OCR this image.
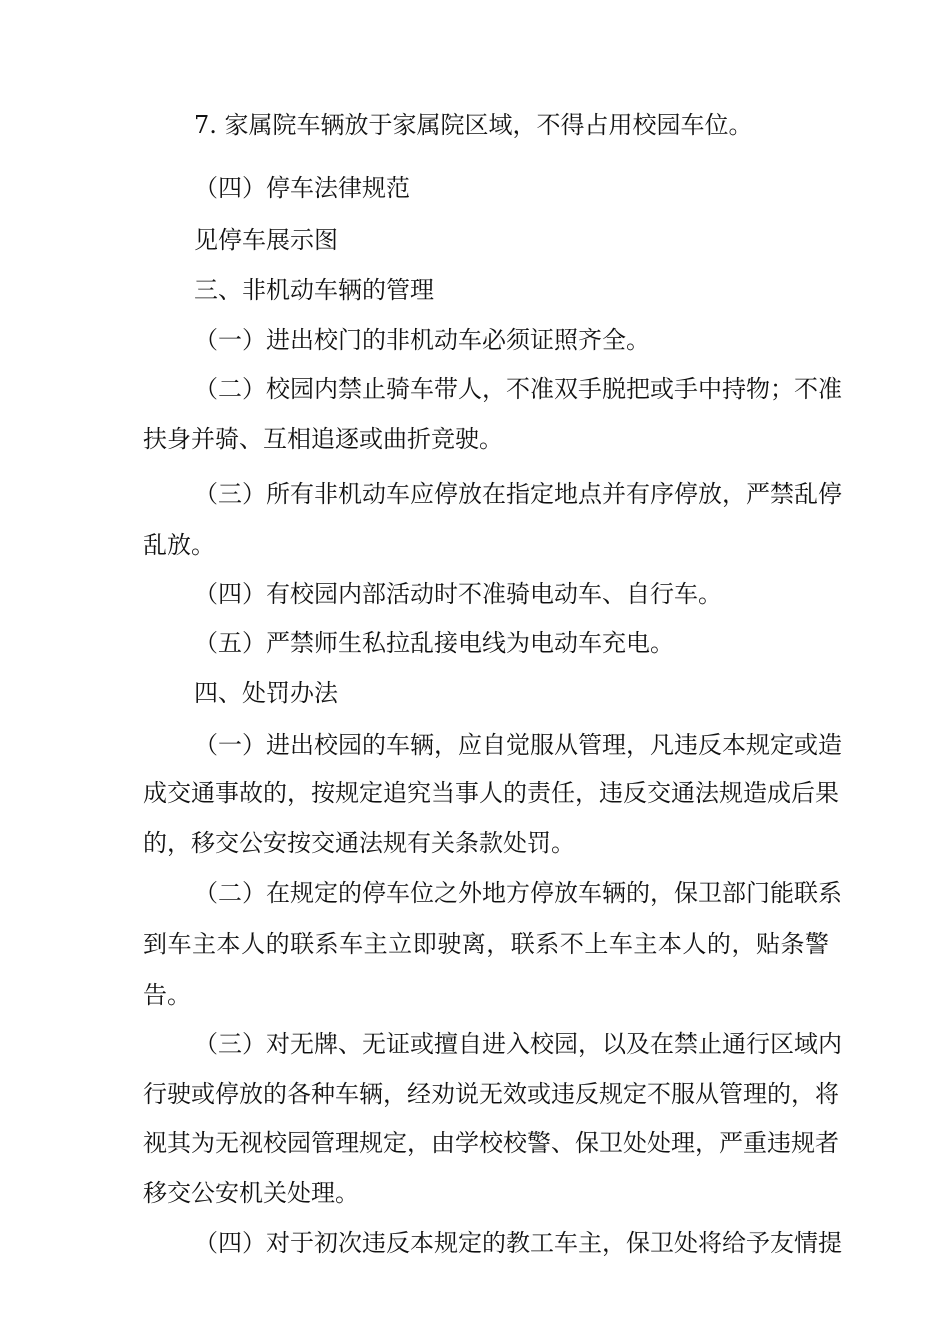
7. 家属院车辆放于家属院区域，不得占用校园车位。
（四）停车法律规范
见停车展示图
三、非机动车辆的管理
（一）进出校门的非机动车必须证照齐全。
（二）校园内禁止骑车带人，不准双手脱把或手中持物；不准
扶身并骑、互相追逐或曲折竞驶。
（三）所有非机动车应停放在指定地点并有序停放，严禁乱停
乱放。
（四）有校园内部活动时不准骑电动车、自行车。
（五）严禁师生私拉乱接电线为电动车充电。
四、处罚办法
（一）进出校园的车辆，应自觉服从管理，凡违反本规定或造
成交通事故的，按规定追究当事人的责任，违反交通法规造成后果
的，移交公安按交通法规有关条款处罚。
（二）在规定的停车位之外地方停放车辆的，保卫部门能联系
到车主本人的联系车主立即驶离，联系不上车主本人的，贴条警
告。
（三）对无牌、无证或擅自进入校园，以及在禁止通行区域内
行驶或停放的各种车辆，经劝说无效或违反规定不服从管理的，将
视其为无视校园管理规定，由学校校警、保卫处处理，严重违规者
移交公安机关处理。
（四）对于初次违反本规定的教工车主，保卫处将给予友情提
